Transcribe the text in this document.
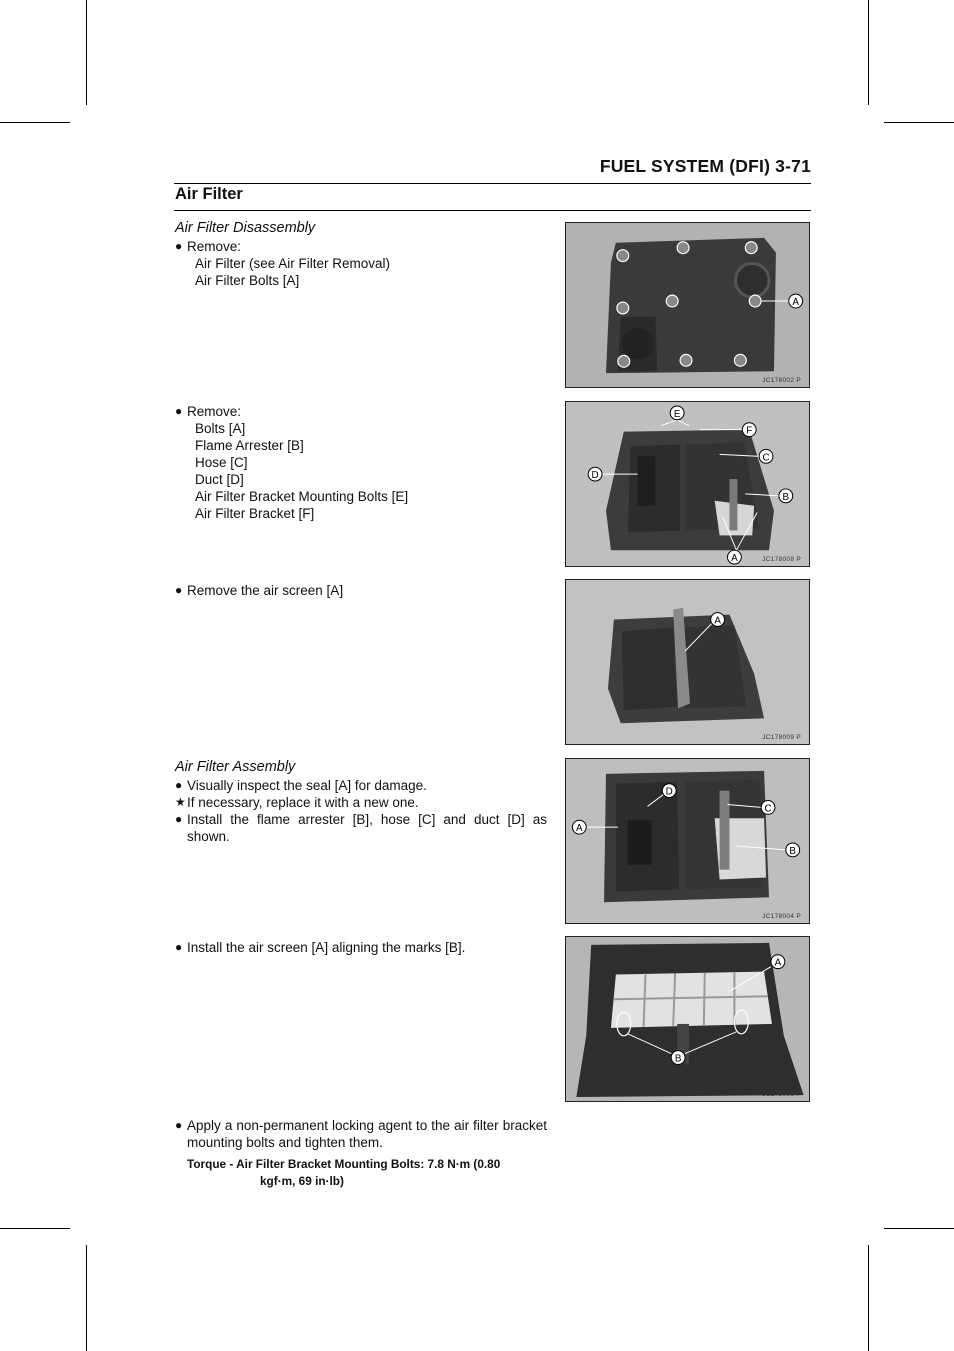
FUEL SYSTEM (DFI) 3-71
Air Filter
Air Filter Disassembly
● Remove:
Air Filter (see Air Filter Removal)
Air Filter Bolts [A]
● Remove:
Bolts [A]
Flame Arrester [B]
Hose [C]
Duct [D]
Air Filter Bracket Mounting Bolts [E]
Air Filter Bracket [F]
● Remove the air screen [A]
Air Filter Assembly
● Visually inspect the seal [A] for damage.
★ If necessary, replace it with a new one.
● Install the flame arrester [B], hose [C] and duct [D] as shown.
● Install the air screen [A] aligning the marks [B].
● Apply a non-permanent locking agent to the air filter bracket mounting bolts and tighten them.
Torque - Air Filter Bracket Mounting Bolts: 7.8 N·m (0.80
kgf·m, 69 in·lb)
A
JC178002 P
E
F
C
D
B
A	JC178008 P
A
JC178009 P
D
C
A
B
JC178004 P
A
B
JC178006 P
